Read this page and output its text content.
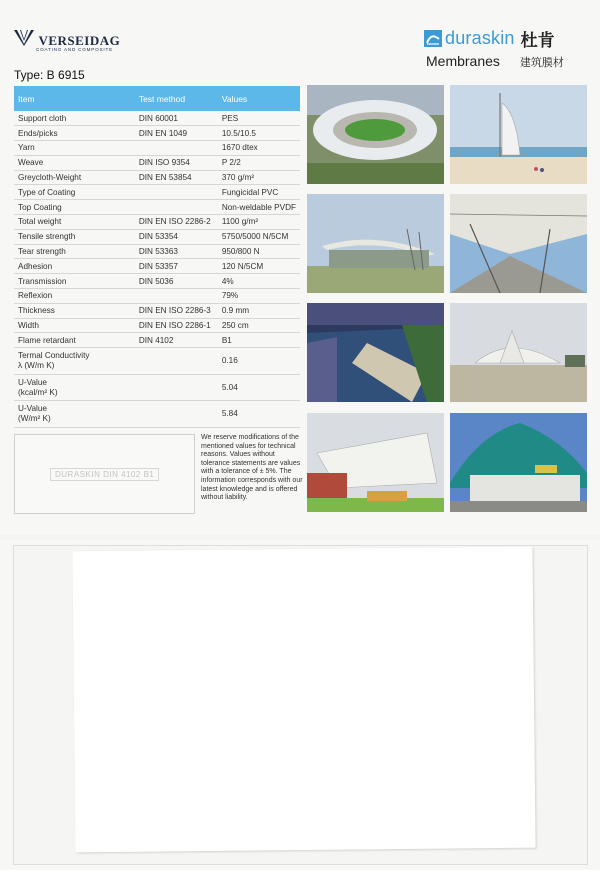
VERSEIDAG
COATING AND COMPOSITE
Type: B 6915
duraskin 杜肯
Membranes 建筑膜材
Item	Test method	Values
Support cloth	DIN 60001	PES
Ends/picks	DIN EN 1049	10.5/10.5
Yarn		1670 dtex
Weave	DIN ISO 9354	P 2/2
Greycloth-Weight	DIN EN 53854	370 g/m²
Type of Coating		Fungicidal PVC
Top Coating		Non-weldable PVDF
Total weight	DIN EN ISO 2286-2	1100 g/m²
Tensile strength	DIN 53354	5750/5000 N/5CM
Tear strength	DIN 53363	950/800 N
Adhesion	DIN 53357	120 N/5CM
Transmission	DIN 5036	4%
Reflexion		79%
Thickness	DIN EN ISO 2286-3	0.9 mm
Width	DIN EN ISO 2286-1	250 cm
Flame retardant	DIN 4102	B1
Termal Conductivity
λ (W/m K)		0.16
U-Value
(kcal/m² K)		5.04
U-Value
(W/m² K)		5.84
DURASKIN DIN 4102 B1
We reserve modifications of the mentioned values for technical reasons. Values without tolerance statements are values with a tolerance of ± 5%. The information corresponds with our latest knowledge and is offered without liability.
